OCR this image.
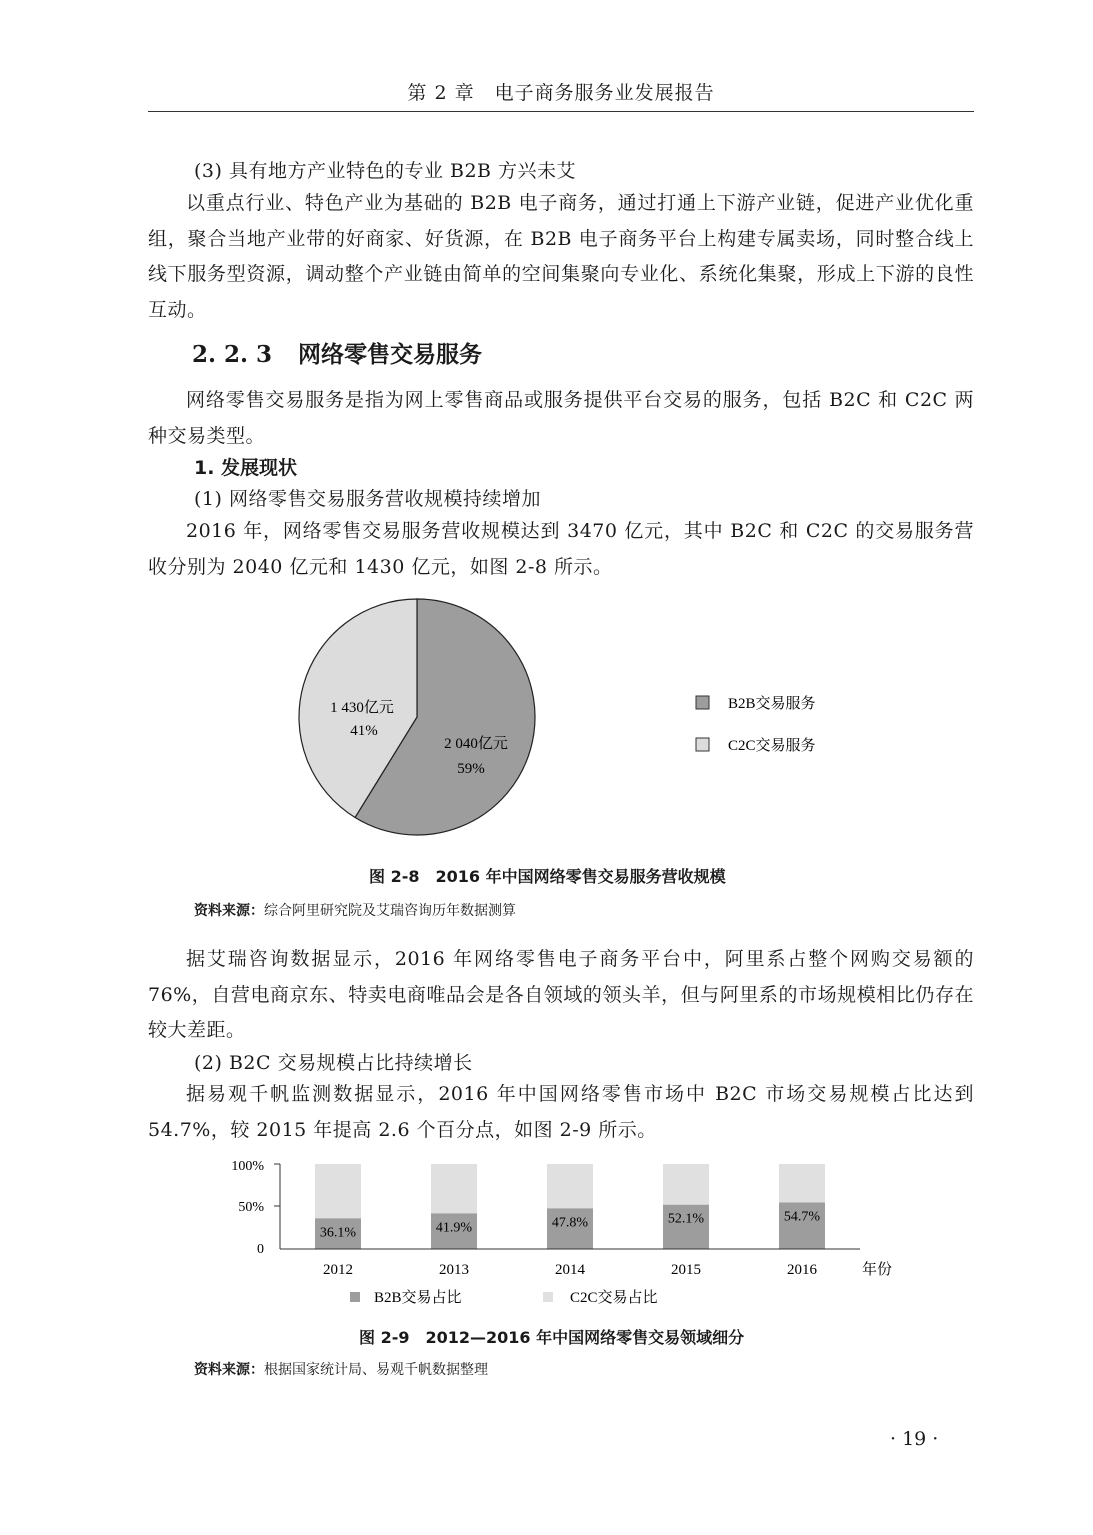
第 2 章　电子商务服务业发展报告

(3) 具有地方产业特色的专业 B2B 方兴未艾

以重点行业、特色产业为基础的 B2B 电子商务，通过打通上下游产业链，促进产业优化重组，聚合当地产业带的好商家、好货源，在 B2B 电子商务平台上构建专属卖场，同时整合线上线下服务型资源，调动整个产业链由简单的空间集聚向专业化、系统化集聚，形成上下游的良性互动。

2. 2. 3 网络零售交易服务

网络零售交易服务是指为网上零售商品或服务提供平台交易的服务，包括 B2C 和 C2C 两种交易类型。

1. 发展现状

(1) 网络零售交易服务营收规模持续增加

2016 年，网络零售交易服务营收规模达到 3470 亿元，其中 B2C 和 C2C 的交易服务营收分别为 2040 亿元和 1430 亿元，如图 2-8 所示。

1 430亿元
41%
2 040亿元
59%
B2B交易服务
C2C交易服务

图 2-8　2016 年中国网络零售交易服务营收规模

资料来源：综合阿里研究院及艾瑞咨询历年数据测算

据艾瑞咨询数据显示，2016 年网络零售电子商务平台中，阿里系占整个网购交易额的 76%，自营电商京东、特卖电商唯品会是各自领域的领头羊，但与阿里系的市场规模相比仍存在较大差距。

(2) B2C 交易规模占比持续增长

据易观千帆监测数据显示，2016 年中国网络零售市场中 B2C 市场交易规模占比达到 54.7%，较 2015 年提高 2.6 个百分点，如图 2-9 所示。

100%
50%
0
36.1%	41.9%	47.8%	52.1%	54.7%
2012	2013	2014	2015	2016	年份
B2B交易占比	C2C交易占比

图 2-9　2012—2016 年中国网络零售交易领域细分

资料来源：根据国家统计局、易观千帆数据整理

· 19 ·
